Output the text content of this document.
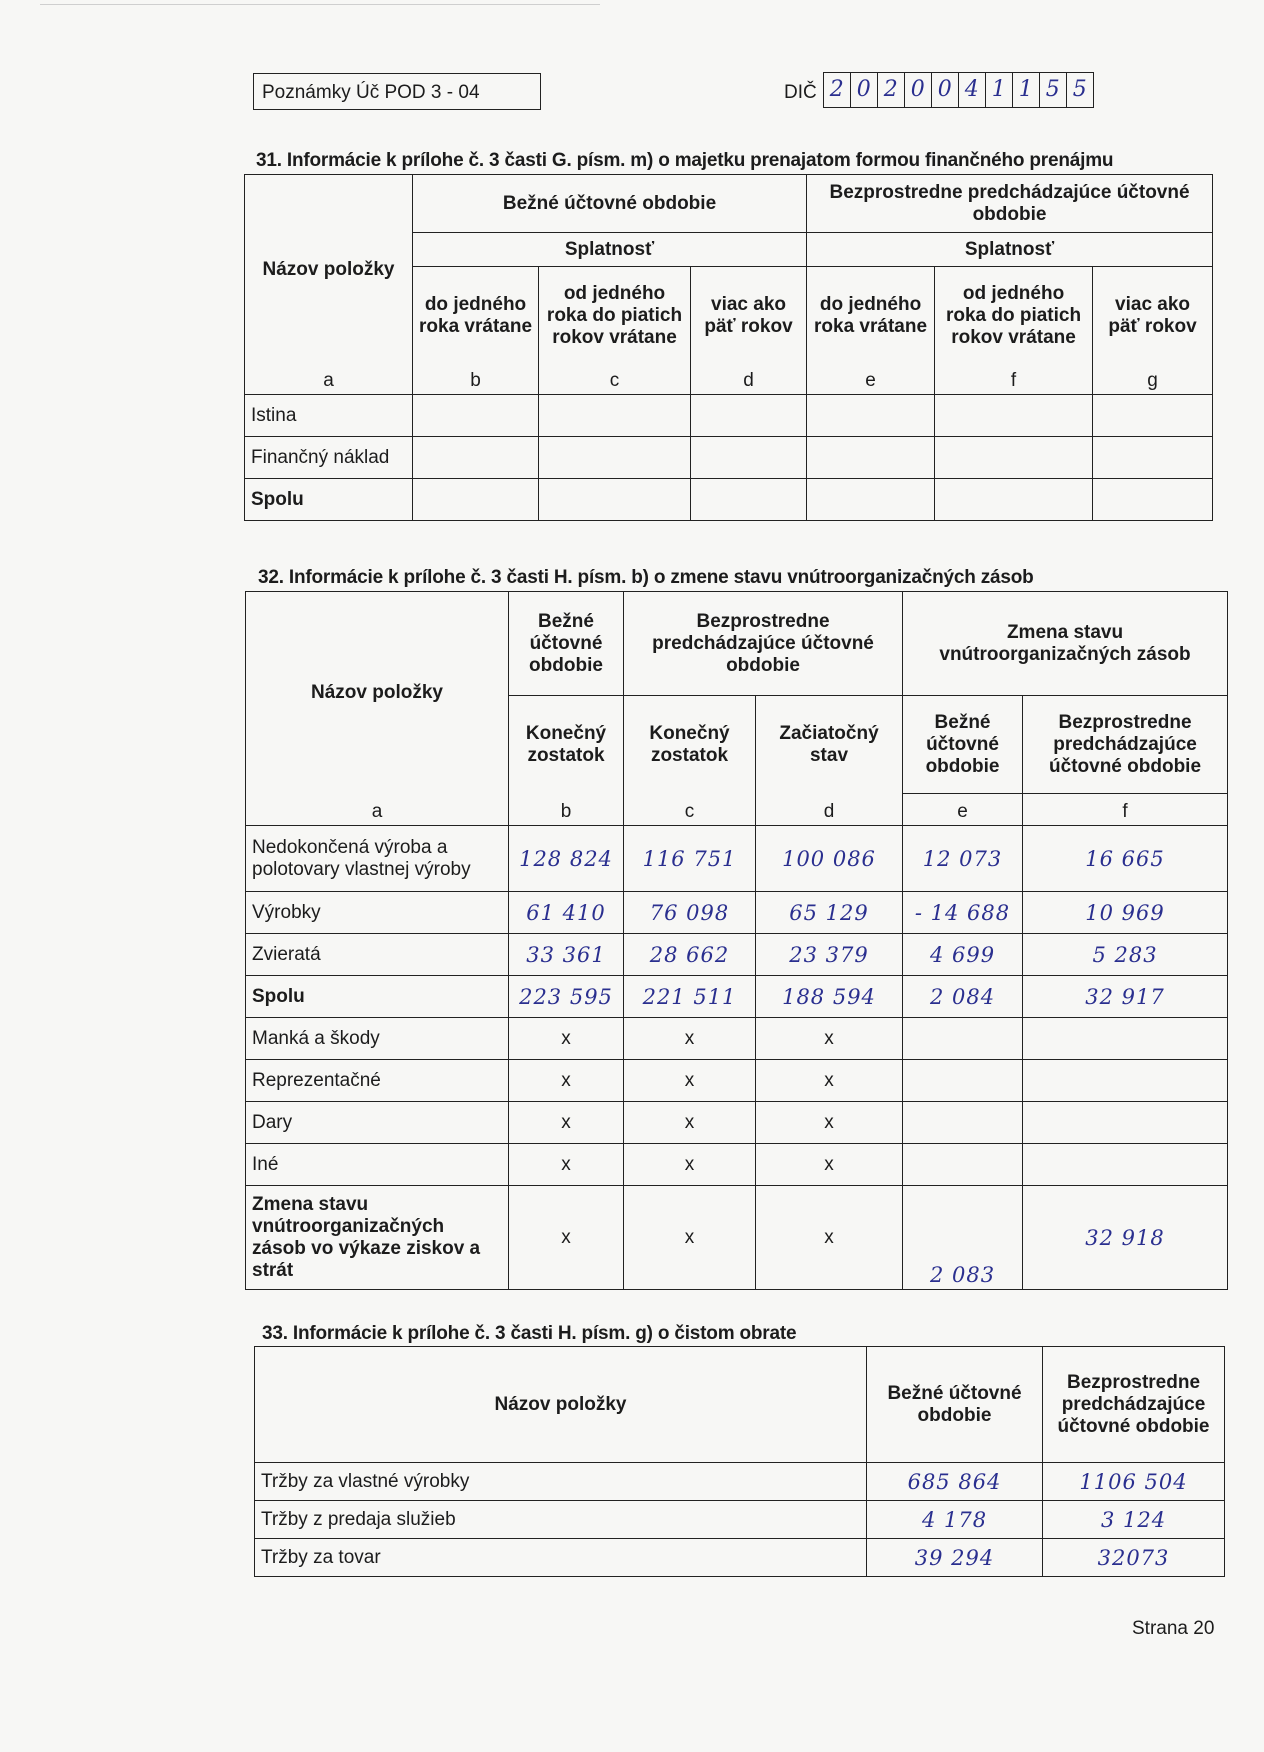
Poznámky Úč POD 3 - 04	DIČ 2 0 2 0 0 4 1 1 5 5
31. Informácie k prílohe č. 3 časti G. písm. m) o majetku prenajatom formou finančného prenájmu
Názov položky	Bežné účtovné obdobie			Bezprostredne predchádzajúce účtovné obdobie		
	Splatnosť			Splatnosť		
	do jedného roka vrátane	od jedného roka do piatich rokov vrátane	viac ako päť rokov	do jedného roka vrátane	od jedného roka do piatich rokov vrátane	viac ako päť rokov
a	b	c	d	e	f	g
Istina						
Finančný náklad						
Spolu						
32. Informácie k prílohe č. 3 časti H. písm. b) o zmene stavu vnútroorganizačných zásob
Názov položky	Bežné účtovné obdobie	Bezprostredne predchádzajúce účtovné obdobie		Zmena stavu vnútroorganizačných zásob	
	Konečný zostatok	Konečný zostatok	Začiatočný stav	Bežné účtovné obdobie	Bezprostredne predchádzajúce účtovné obdobie
a	b	c	d	e	f
Nedokončená výroba a polotovary vlastnej výroby	128 824	116 751	100 086	12 073	16 665
Výrobky	61 410	76 098	65 129	- 14 688	10 969
Zvieratá	33 361	28 662	23 379	4 699	5 283
Spolu	223 595	221 511	188 594	2 084	32 917
Manká a škody	x	x	x		
Reprezentačné	x	x	x		
Dary	x	x	x		
Iné	x	x	x		
Zmena stavu vnútroorganizačných zásob vo výkaze ziskov a strát	x	x	x	2 083	32 918
33. Informácie k prílohe č. 3 časti H. písm. g) o čistom obrate
Názov položky	Bežné účtovné obdobie	Bezprostredne predchádzajúce účtovné obdobie
Tržby za vlastné výrobky	685 864	1106 504
Tržby z predaja služieb	4 178	3 124
Tržby za tovar	39 294	32073
Strana 20
